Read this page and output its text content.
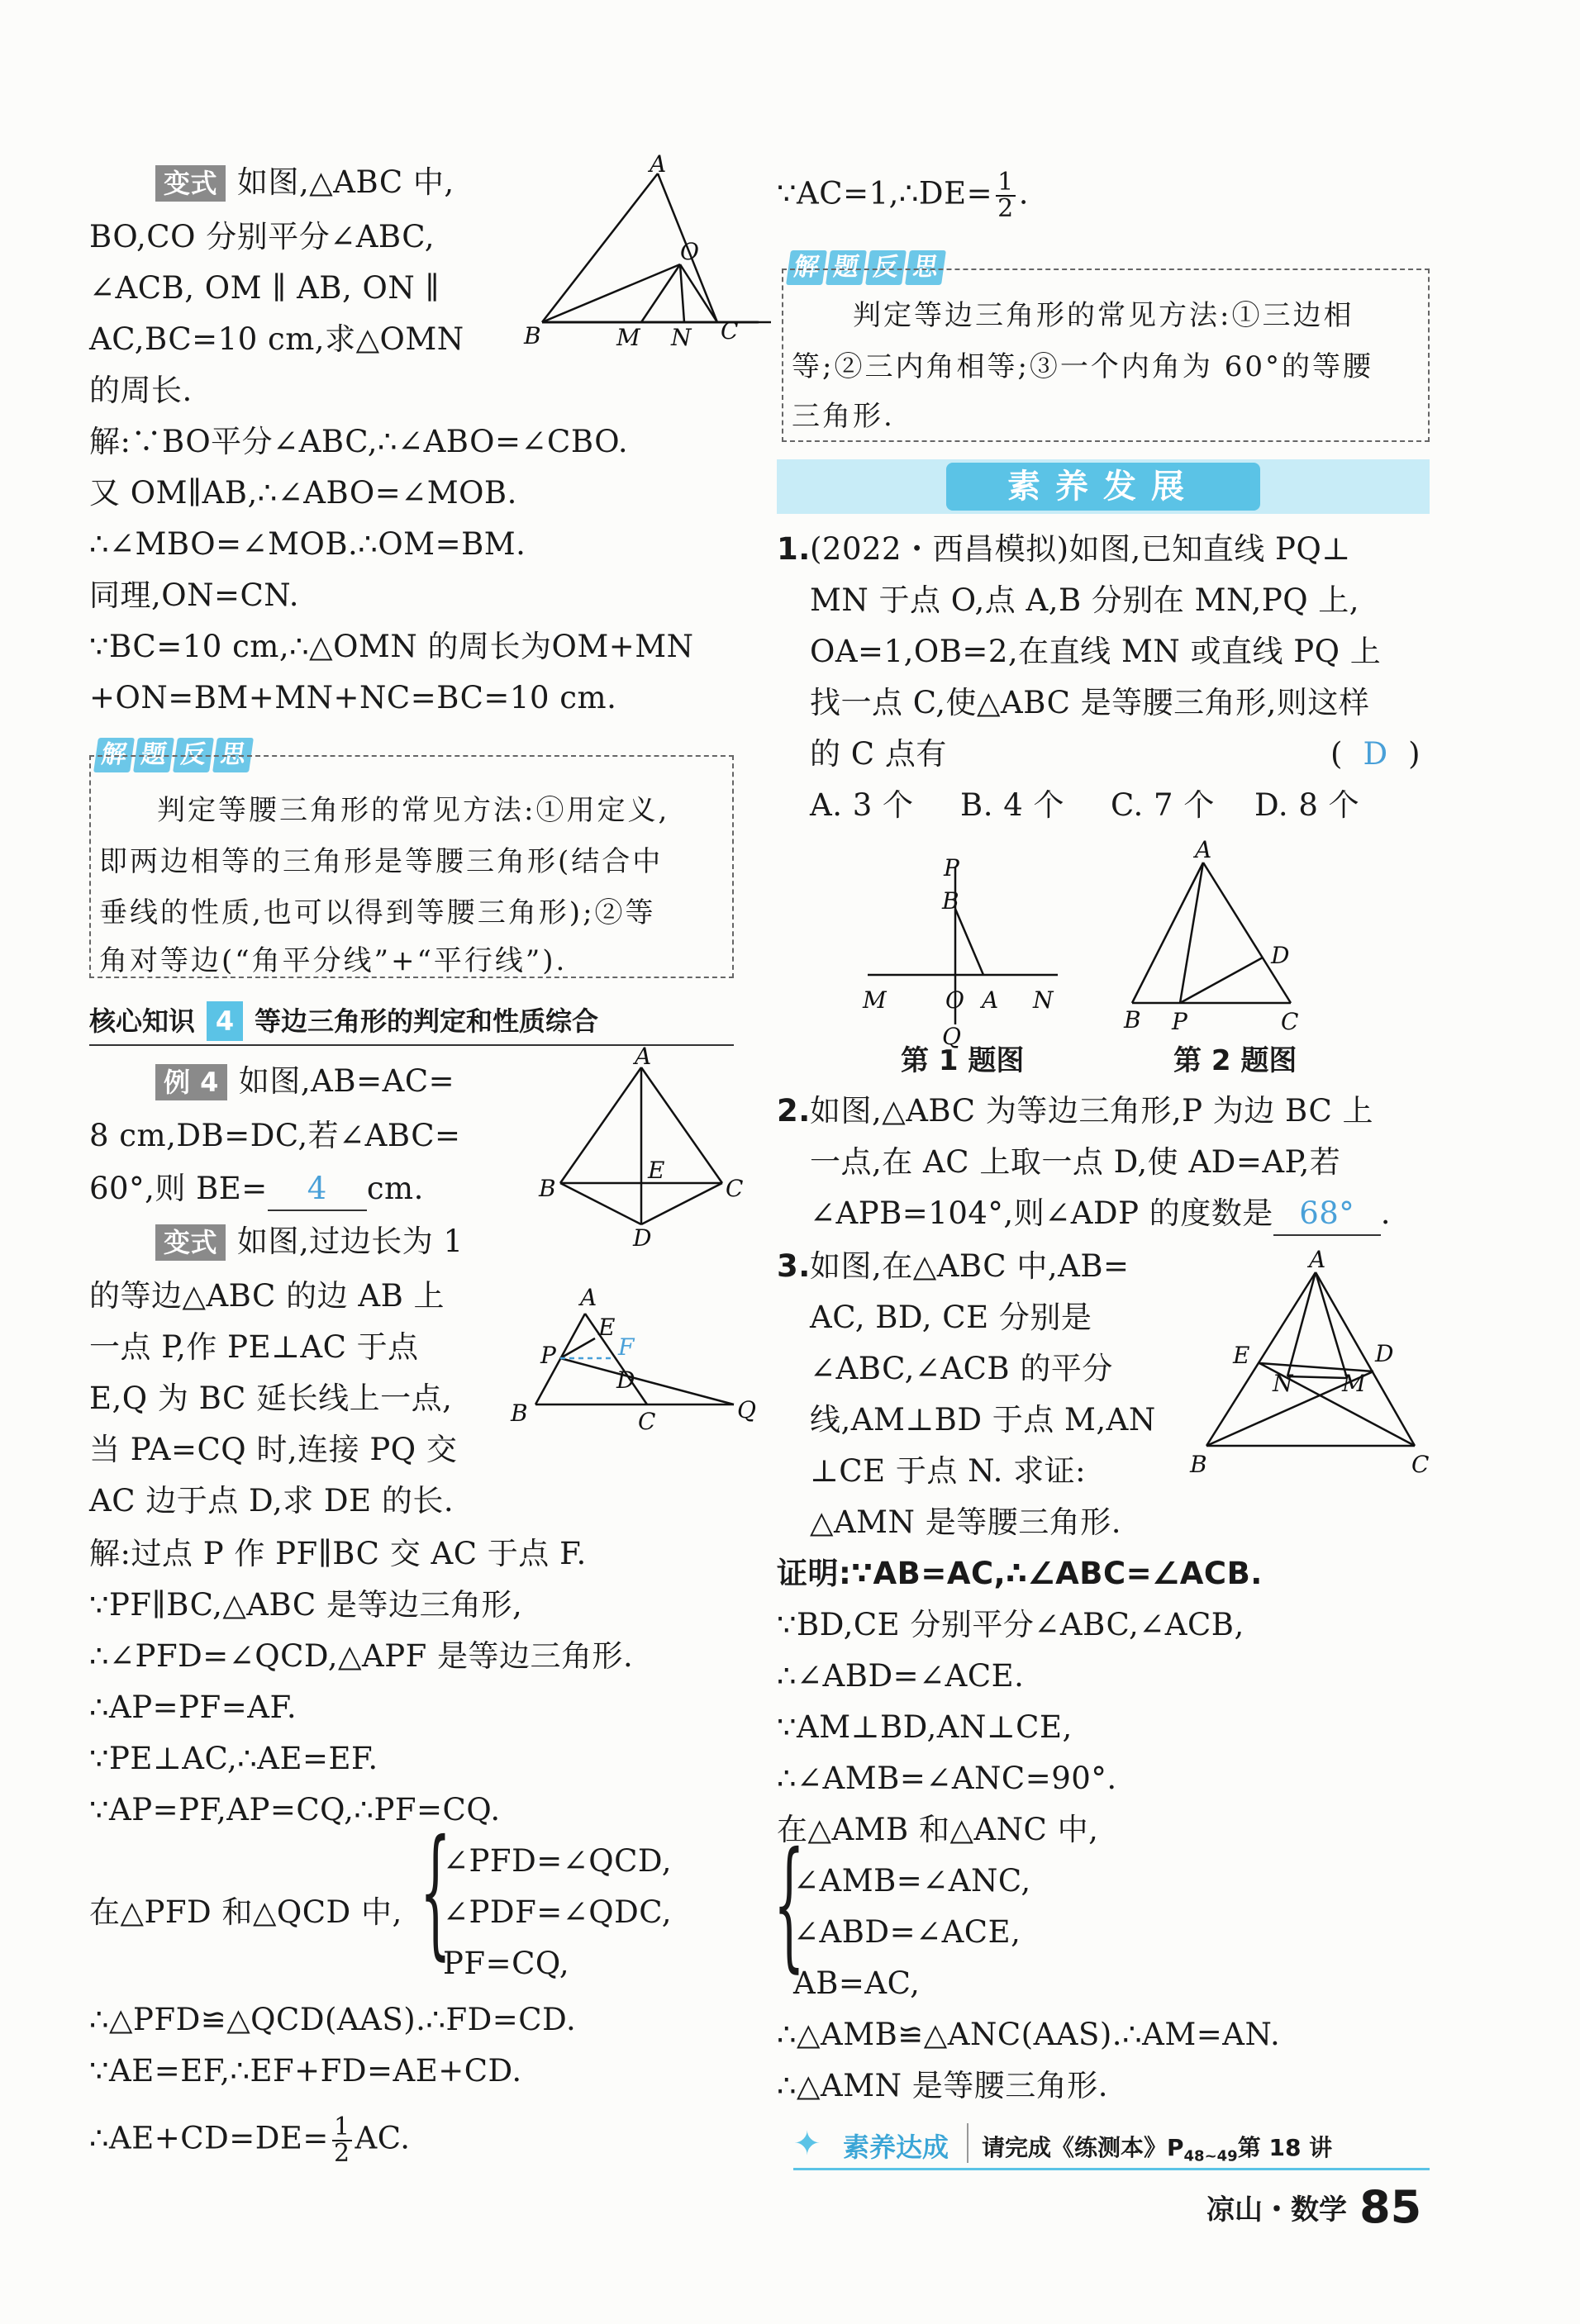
变式 如图,△ABC 中,
BO,CO 分别平分∠ABC,
∠ACB, OM ∥ AB, ON ∥
AC,BC=10 cm,求△OMN
的周长.
A
B	C
O
M N
解:∵BO平分∠ABC,∴∠ABO=∠CBO.
又 OM∥AB,∴∠ABO=∠MOB.
∴∠MBO=∠MOB.∴OM=BM.
同理,ON=CN.
∵BC=10 cm,∴△OMN 的周长为OM+MN
+ON=BM+MN+NC=BC=10 cm.
解 题 反 思
判定等腰三角形的常见方法:①用定义,
即两边相等的三角形是等腰三角形(结合中
垂线的性质,也可以得到等腰三角形);②等
角对等边(“角平分线”+“平行线”).
核心知识 4 等边三角形的判定和性质综合
例 4 如图,AB=AC=
8 cm,DB=DC,若∠ABC=
60°,则 BE= 4 cm.
A
B	C
E
D
变式 如图,过边长为 1
的等边△ABC 的边 AB 上
一点 P,作 PE⊥AC 于点
E,Q 为 BC 延长线上一点,
当 PA=CQ 时,连接 PQ 交
AC 边于点 D,求 DE 的长.
A
E
P	F
D
B	C	Q
解:过点 P 作 PF∥BC 交 AC 于点 F.
∵PF∥BC,△ABC 是等边三角形,
∴∠PFD=∠QCD,△APF 是等边三角形.
∴AP=PF=AF.
∵PE⊥AC,∴AE=EF.
∵AP=PF,AP=CQ,∴PF=CQ.
在△PFD 和△QCD 中, {
∠PFD=∠QCD,
∠PDF=∠QDC,
PF=CQ,
∴△PFD≌△QCD(AAS).∴FD=CD.
∵AE=EF,∴EF+FD=AE+CD.
∴AE+CD=DE= $\frac{1}{2}$ AC.
∵AC=1,∴DE= $\frac{1}{2}$ .
解 题 反 思
判定等边三角形的常见方法:①三边相
等;②三内角相等;③一个内角为 60°的等腰
三角形.
素养发展
1. (2022・西昌模拟)如图,已知直线 PQ⊥
MN 于点 O,点 A,B 分别在 MN,PQ 上,
OA=1,OB=2,在直线 MN 或直线 PQ 上
找一点 C,使△ABC 是等腰三角形,则这样
的 C 点有	(  D  )
A. 3 个 B. 4 个 C. 7 个 D. 8 个
P
B
M	O A N
Q
A
B P	C
D
第 1 题图	第 2 题图
2. 如图,△ABC 为等边三角形,P 为边 BC 上
一点,在 AC 上取一点 D,使 AD=AP,若
∠APB=104°,则∠ADP 的度数是 68° .
3. 如图,在△ABC 中,AB=
AC, BD, CE 分别是
∠ABC,∠ACB 的平分
线,AM⊥BD 于点 M,AN
⊥CE 于点 N. 求证:
△AMN 是等腰三角形.
A
E	D
N M
B	C
证明:∵AB=AC,∴∠ABC=∠ACB.
∵BD,CE 分别平分∠ABC,∠ACB,
∴∠ABD=∠ACE.
∵AM⊥BD,AN⊥CE,
∴∠AMB=∠ANC=90°.
在△AMB 和△ANC 中,
{
∠AMB=∠ANC,
∠ABD=∠ACE,
AB=AC,
∴△AMB≌△ANC(AAS).∴AM=AN.
∴△AMN 是等腰三角形.
✦ 素养达成 请完成《练测本》$P_{48\sim 49}$第 18 讲
凉山・数学 85
